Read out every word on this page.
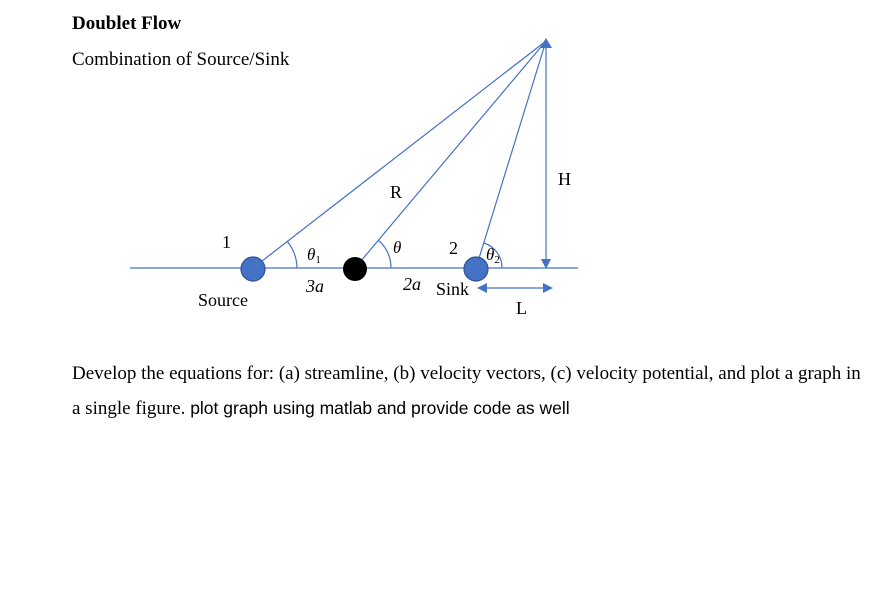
Doublet Flow
Combination of Source/Sink
1	2
R
H
L
θ1
θ	θ2
3a	2a
Source
Sink
Develop the equations for: (a) streamline, (b) velocity vectors, (c) velocity potential, and plot a graph in a single figure. plot graph using matlab and provide code as well
